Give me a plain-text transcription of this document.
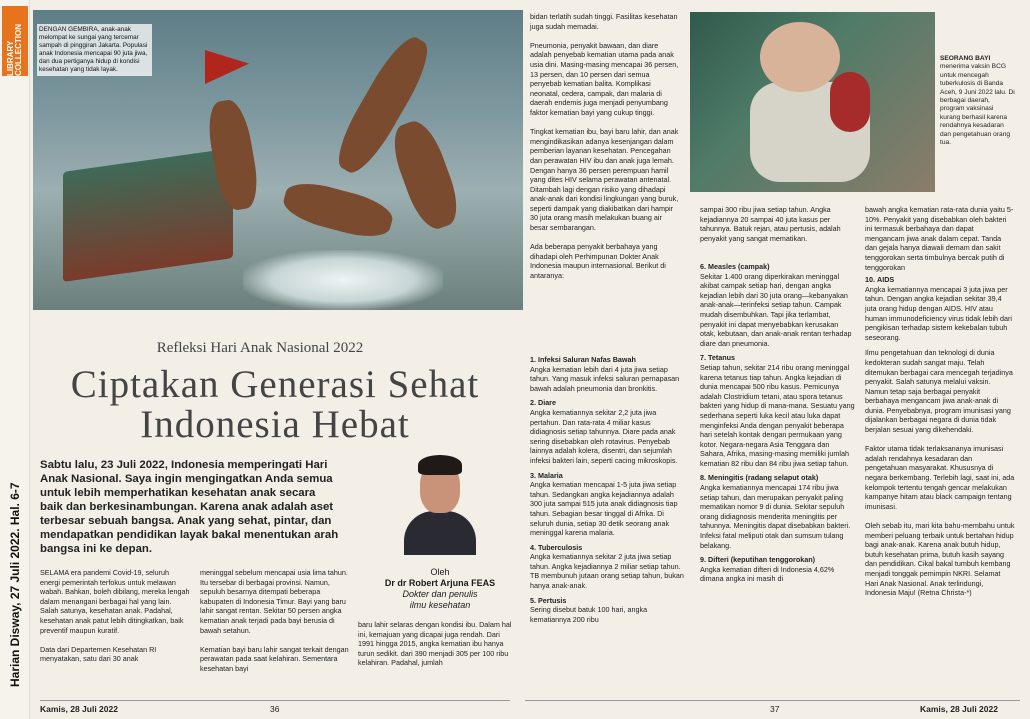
LIBRARY COLLECTION
Harian Disway, 27 Juli 2022. Hal. 6-7
DENGAN GEMBIRA, anak-anak melompat ke sungai yang tercemar sampah di pinggiran Jakarta. Populasi anak Indonesia mencapai 90 juta jiwa, dan dua pertiganya hidup di kondisi kesehatan yang tidak layak.
Refleksi Hari Anak Nasional 2022
Ciptakan Generasi Sehat
Indonesia Hebat
Sabtu lalu, 23 Juli 2022, Indonesia memperingati Hari Anak Nasional. Saya ingin mengingatkan Anda semua untuk lebih memperhatikan kesehatan anak secara baik dan berkesinambungan. Karena anak adalah aset terbesar sebuah bangsa. Anak yang sehat, pintar, dan mendapatkan pendidikan layak bakal menentukan arah bangsa ini ke depan.
Oleh
Dr dr Robert Arjuna FEAS
Dokter dan penulis
ilmu kesehatan
SELAMA era pandemi Covid-19, seluruh energi pemerintah terfokus untuk melawan wabah. Bahkan, boleh dibilang, mereka lengah dalam menangani berbagai hal yang lain. Salah satunya, kesehatan anak. Padahal, kesehatan anak patut lebih ditingkatkan, baik preventif maupun kuratif.

Data dari Departemen Kesehatan RI menyatakan, satu dari 30 anak
meninggal sebelum mencapai usia lima tahun. Itu tersebar di berbagai provinsi. Namun, sepuluh besarnya ditempati beberapa kabupaten di Indonesia Timur. Bayi yang baru lahir sangat rentan. Sekitar 50 persen angka kematian anak terjadi pada bayi berusia di bawah setahun.

Kematian bayi baru lahir sangat terkait dengan perawatan pada saat kelahiran. Sementara kesehatan bayi
baru lahir selaras dengan kondisi ibu. Dalam hal ini, kemajuan yang dicapai juga rendah. Dari 1991 hingga 2015, angka kematian ibu hanya turun sedikit. dari 390 menjadi 305 per 100 ribu kelahiran. Padahal, jumlah
bidan terlatih sudah tinggi. Fasilitas kesehatan juga sudah memadai.

Pneumonia, penyakit bawaan, dan diare adalah penyebab kematian utama pada anak usia dini. Masing-masing mencapai 36 persen, 13 persen, dan 10 persen dari semua penyebab kematian balita. Komplikasi neonatal, cedera, campak, dan malaria di daerah endemis juga menjadi penyumbang faktor kematian bayi yang cukup tinggi.

Tingkat kematian ibu, bayi baru lahir, dan anak mengindikasikan adanya kesenjangan dalam pemberian layanan kesehatan. Pencegahan dan perawatan HIV ibu dan anak juga lemah. Dengan hanya 36 persen perempuan hamil yang dites HIV selama perawatan antenatal. Ditambah lagi dengan risiko yang dihadapi anak-anak dari kondisi lingkungan yang buruk, seperti dampak yang diakibatkan dari hampir 30 juta orang masih melakukan buang air besar sembarangan.

Ada beberapa penyakit berbahaya yang dihadapi oleh Perhimpunan Dokter Anak Indonesia maupun internasional. Berikut di antaranya:
1. Infeksi Saluran Nafas Bawah
Angka kematian lebih dari 4 juta jiwa setiap tahun. Yang masuk infeksi saluran pernapasan bawah adalah pneumonia dan bronkitis.
2. Diare
Angka kematiannya sekitar 2,2 juta jiwa pertahun. Dan rata-rata 4 miliar kasus didiagnosis setiap tahunnya. Diare pada anak sering disebabkan oleh rotavirus. Penyebab lainnya adalah kolera, disentri, dan sejumlah infeksi bakteri lain, seperti cacing mikroskopis.
3. Malaria
Angka kematian mencapai 1-5 juta jiwa setiap tahun. Sedangkan angka kejadiannya adalah 300 juta sampai 515 juta anak didiagnosis tiap tahun. Sebagian besar tinggal di Afrika. Di seluruh dunia, setiap 30 detik seorang anak meninggal karena malaria.
4. Tuberculosis
Angka kematiannya sekitar 2 juta jiwa setiap tahun. Angka kejadiannya 2 miliar setiap tahun. TB membunuh jutaan orang setiap tahun, bukan hanya anak-anak.
5. Pertusis
Sering disebut batuk 100 hari, angka kematiannya 200 ribu
SEORANG BAYI
menerima vaksin BCG untuk mencegah tuberkulosis di Banda Aceh, 9 Juni 2022 lalu. Di berbagai daerah, program vaksinasi kurang berhasil karena rendahnya kesadaran dan pengetahuan orang tua.
sampai 300 ribu jiwa setiap tahun. Angka kejadiannya 20 sampai 40 juta kasus per tahunnya. Batuk rejan, atau pertusis, adalah penyakit yang sangat mematikan.
6. Measles (campak)
Sekitar 1.400 orang diperkirakan meninggal akibat campak setiap hari, dengan angka kejadian lebih dari 30 juta orang—kebanyakan anak-anak—terinfeksi setiap tahun. Campak mudah disembuhkan. Tapi jika terlambat, penyakit ini dapat menyebabkan kerusakan otak, kebutaan, dan anak-anak rentan terhadap diare dan pneumonia.
7. Tetanus
Setiap tahun, sekitar 214 ribu orang meninggal karena tetanus tiap tahun. Angka kejadian di dunia mencapai 500 ribu kasus. Pemicunya adalah Clostridium tetani, atau spora tetanus bakteri yang hidup di mana-mana. Sesuatu yang sederhana seperti luka kecil atau luka dapat menginfeksi Anda dengan penyakit beberapa hari setelah kontak dengan permukaan yang kotor. Negara-negara Asia Tenggara dan Sahara, Afrika, masing-masing memiliki jumlah kematian 82 ribu dan 84 ribu jiwa setiap tahun.
8. Meningitis (radang selaput otak)
Angka kematiannya mencapai 174 ribu jiwa setiap tahun, dan merupakan penyakit paling mematikan nomor 9 di dunia. Sekitar sepuluh orang didiagnosis menderita meningitis per tahunnya. Meningitis dapat disebabkan bakteri. Infeksi fatal meliputi otak dan sumsum tulang belakang.
9. Difteri (keputihan tenggorokan)
Angka kematian difteri di Indonesia 4,62% dimana angka ini masih di
bawah angka kematian rata-rata dunia yaitu 5-10%. Penyakit yang disebabkan oleh bakteri ini termasuk berbahaya dan dapat mengancam jiwa anak dalam cepat. Tanda dan gejala hanya diawali demam dan sakit tenggorokan serta timbulnya bercak putih di tenggorokan
10. AIDS
Angka kematiannya mencapai 3 juta jiwa per tahun. Dengan angka kejadian sekitar 39,4 juta orang hidup dengan AIDS. HIV atau human immunodeficiency virus tidak lebih dari pengikisan terhadap sistem kekebalan tubuh seseorang.
Ilmu pengetahuan dan teknologi di dunia kedokteran sudah sangat maju. Telah ditemukan berbagai cara mencegah terjadinya penyakit. Salah satunya melalui vaksin. Namun tetap saja berbagai penyakit berbahaya mengancam jiwa anak-anak di dunia. Penyebabnya, program imunisasi yang dijalankan berbagai negara di dunia tidak berjalan sesuai yang dikehendaki.

Faktor utama tidak terlaksananya imunisasi adalah rendahnya kesadaran dan pengetahuan masyarakat. Khususnya di negara berkembang. Terlebih lagi, saat ini, ada kelompok tertentu tengah gencar melakukan kampanye hitam atau black campaign tentang imunisasi.

Oleh sebab itu, mari kita bahu-membahu untuk memberi peluang terbaik untuk bertahan hidup bagi anak-anak. Karena anak butuh hidup, butuh kesehatan prima, butuh kasih sayang dan pendidikan. Cikal bakal tumbuh kembang menjadi tonggak pemimpin NKRI. Selamat Hari Anak Nasional. Anak terlindungi, Indonesia Maju! (Retna Christa-*)
Kamis, 28 Juli 2022	36	37	Kamis, 28 Juli 2022
